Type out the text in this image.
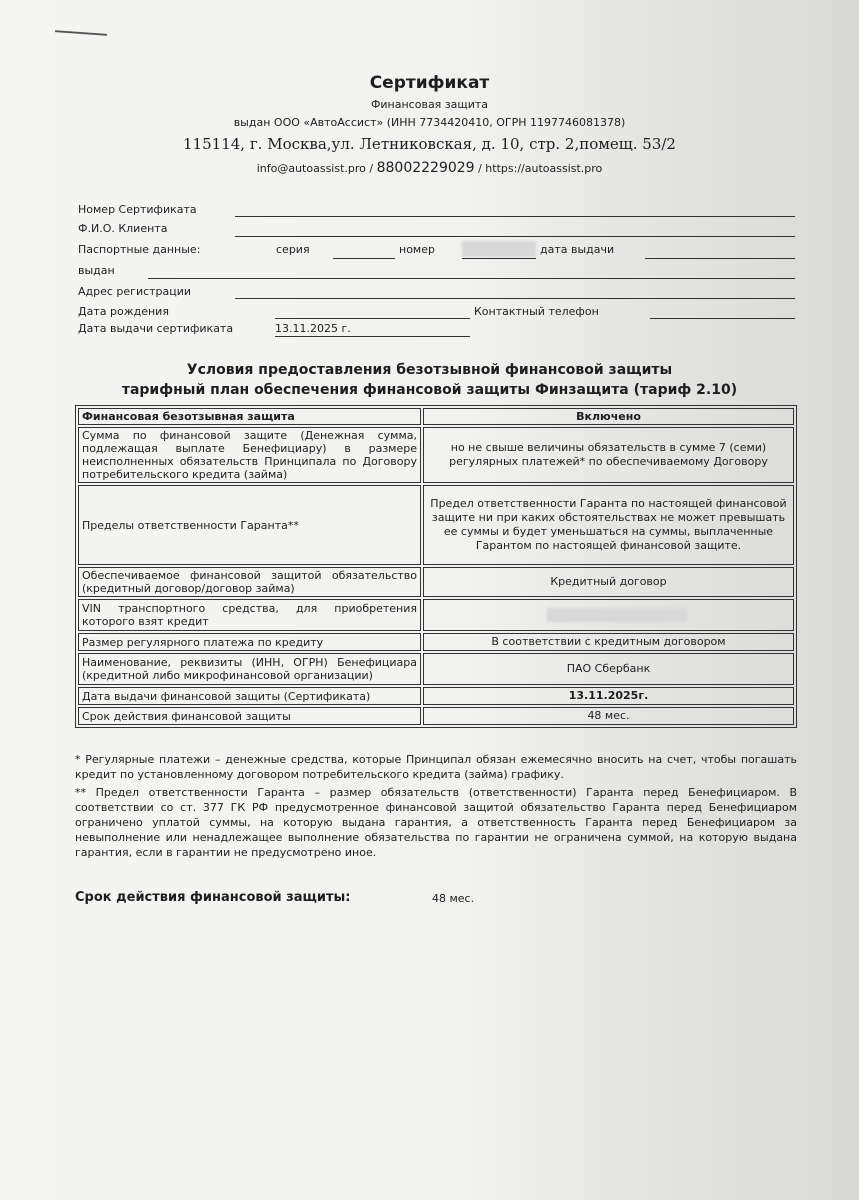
Сертификат
Финансовая защита
выдан ООО «АвтоАссист» (ИНН 7734420410, ОГРН 1197746081378)
115114, г. Москва,ул. Летниковская, д. 10, стр. 2,помещ. 53/2
info@autoassist.pro / 88002229029 / https://autoassist.pro
Номер Сертификата
Ф.И.О. Клиента
Паспортные данные:	серия	номер	дата выдачи
выдан
Адрес регистрации
Дата рождения	Контактный телефон
Дата выдачи сертификата	13.11.2025 г.
Условия предоставления безотзывной финансовой защиты
тарифный план обеспечения финансовой защиты Финзащита (тариф 2.10)
Финансовая безотзывная защита	Включено
Сумма по финансовой защите (Денежная сумма, подлежащая выплате Бенефициару) в размере неисполненных обязательств Принципала по Договору потребительского кредита (займа)	но не свыше величины обязательств в сумме 7 (семи) регулярных платежей* по обеспечиваемому Договору
Пределы ответственности Гаранта**	Предел ответственности Гаранта по настоящей финансовой защите ни при каких обстоятельствах не может превышать ее суммы и будет уменьшаться на суммы, выплаченные Гарантом по настоящей финансовой защите.
Обеспечиваемое финансовой защитой обязательство (кредитный договор/договор займа)	Кредитный договор
VIN транспортного средства, для приобретения которого взят кредит	

Размер регулярного платежа по кредиту	В соответствии с кредитным договором
Наименование, реквизиты (ИНН, ОГРН) Бенефициара (кредитной либо микрофинансовой организации)	ПАО Сбербанк
Дата выдачи финансовой защиты (Сертификата)	13.11.2025г.
Срок действия финансовой защиты	48 мес.
* Регулярные платежи – денежные средства, которые Принципал обязан ежемесячно вносить на счет, чтобы погашать кредит по установленному договором потребительского кредита (займа) графику.
** Предел ответственности Гаранта – размер обязательств (ответственности) Гаранта перед Бенефициаром. В соответствии со ст. 377 ГК РФ предусмотренное финансовой защитой обязательство Гаранта перед Бенефициаром ограничено уплатой суммы, на которую выдана гарантия, а ответственность Гаранта перед Бенефициаром за невыполнение или ненадлежащее выполнение обязательства по гарантии не ограничена суммой, на которую выдана гарантия, если в гарантии не предусмотрено иное.
Срок действия финансовой защиты:	48 мес.
